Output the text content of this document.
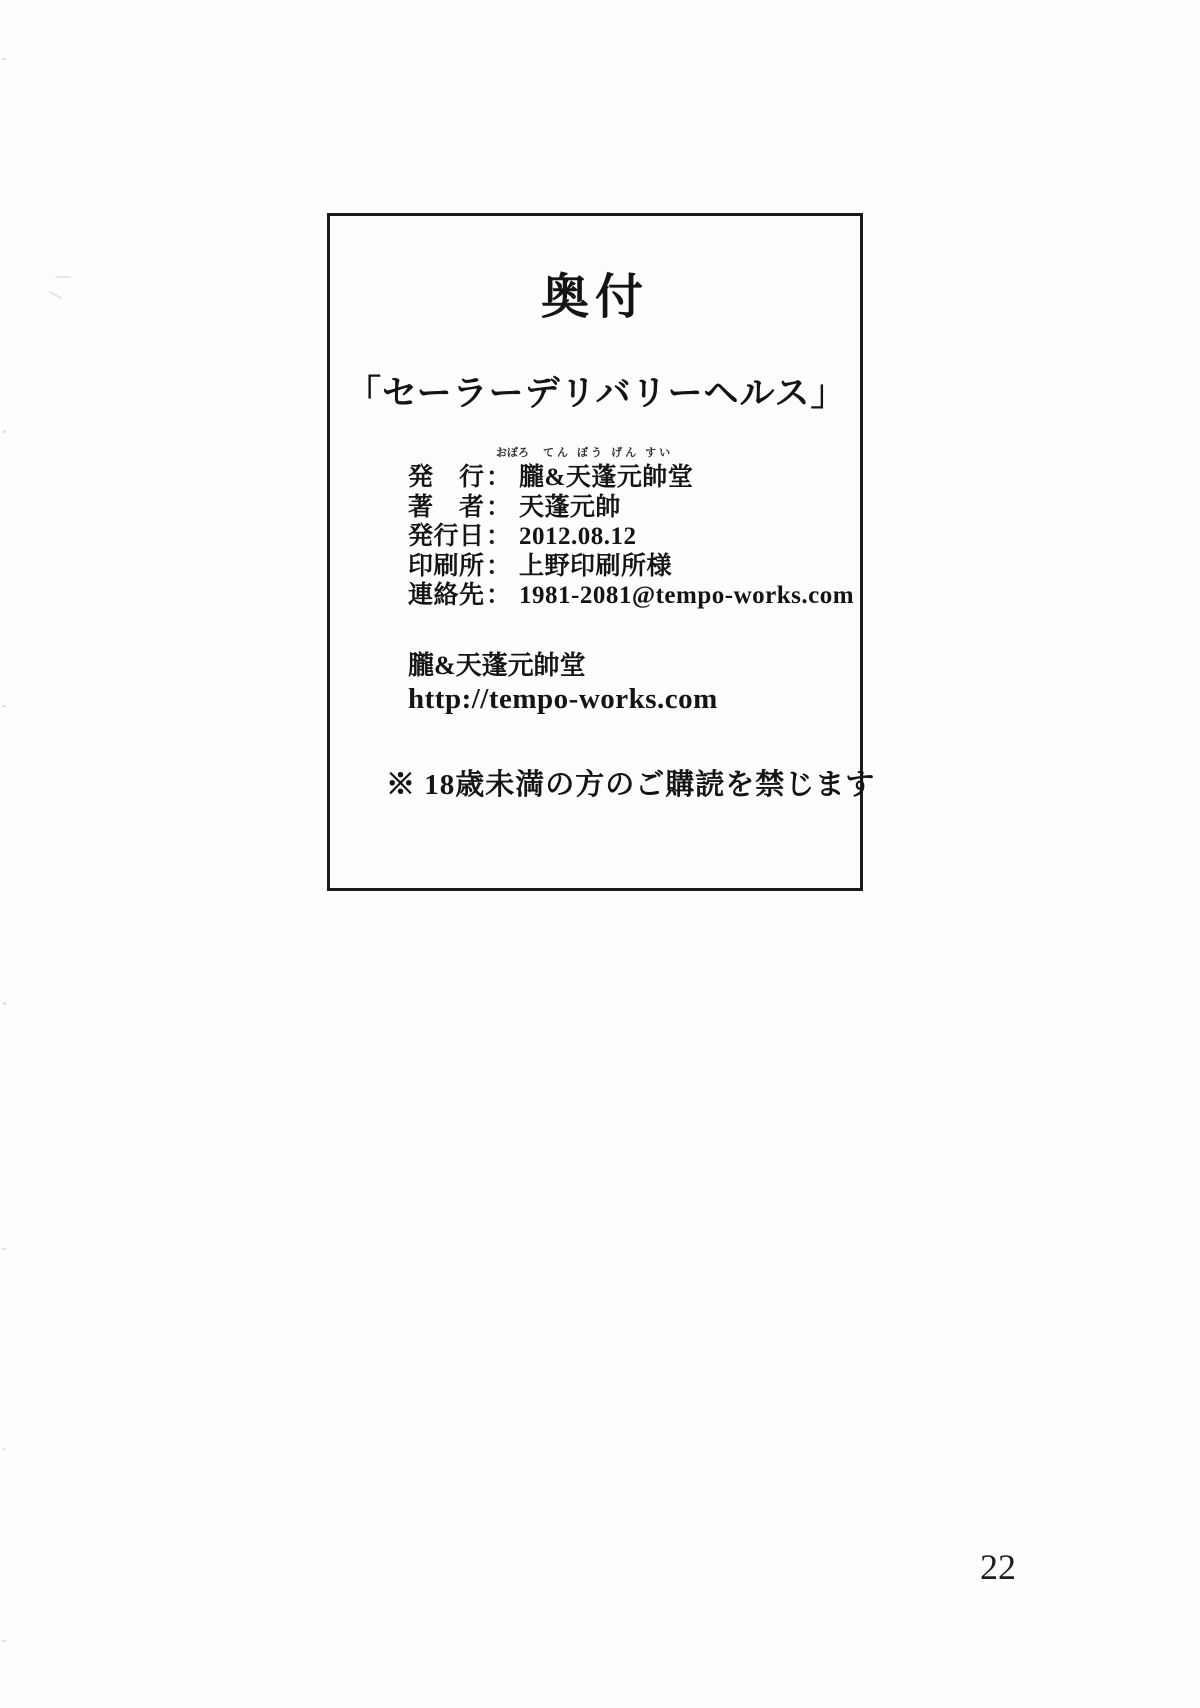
奥付
「セーラーデリバリーヘルス」
おぼろ てん ぼう げん すい
発行 ： 朧&天蓬元帥堂
著者 ： 天蓬元帥
発行日 ： 2012.08.12
印刷所 ： 上野印刷所様
連絡先 ： 1981-2081@tempo-works.com
朧&天蓬元帥堂
http://tempo-works.com
※ 18歳未満の方のご購読を禁じます
22
